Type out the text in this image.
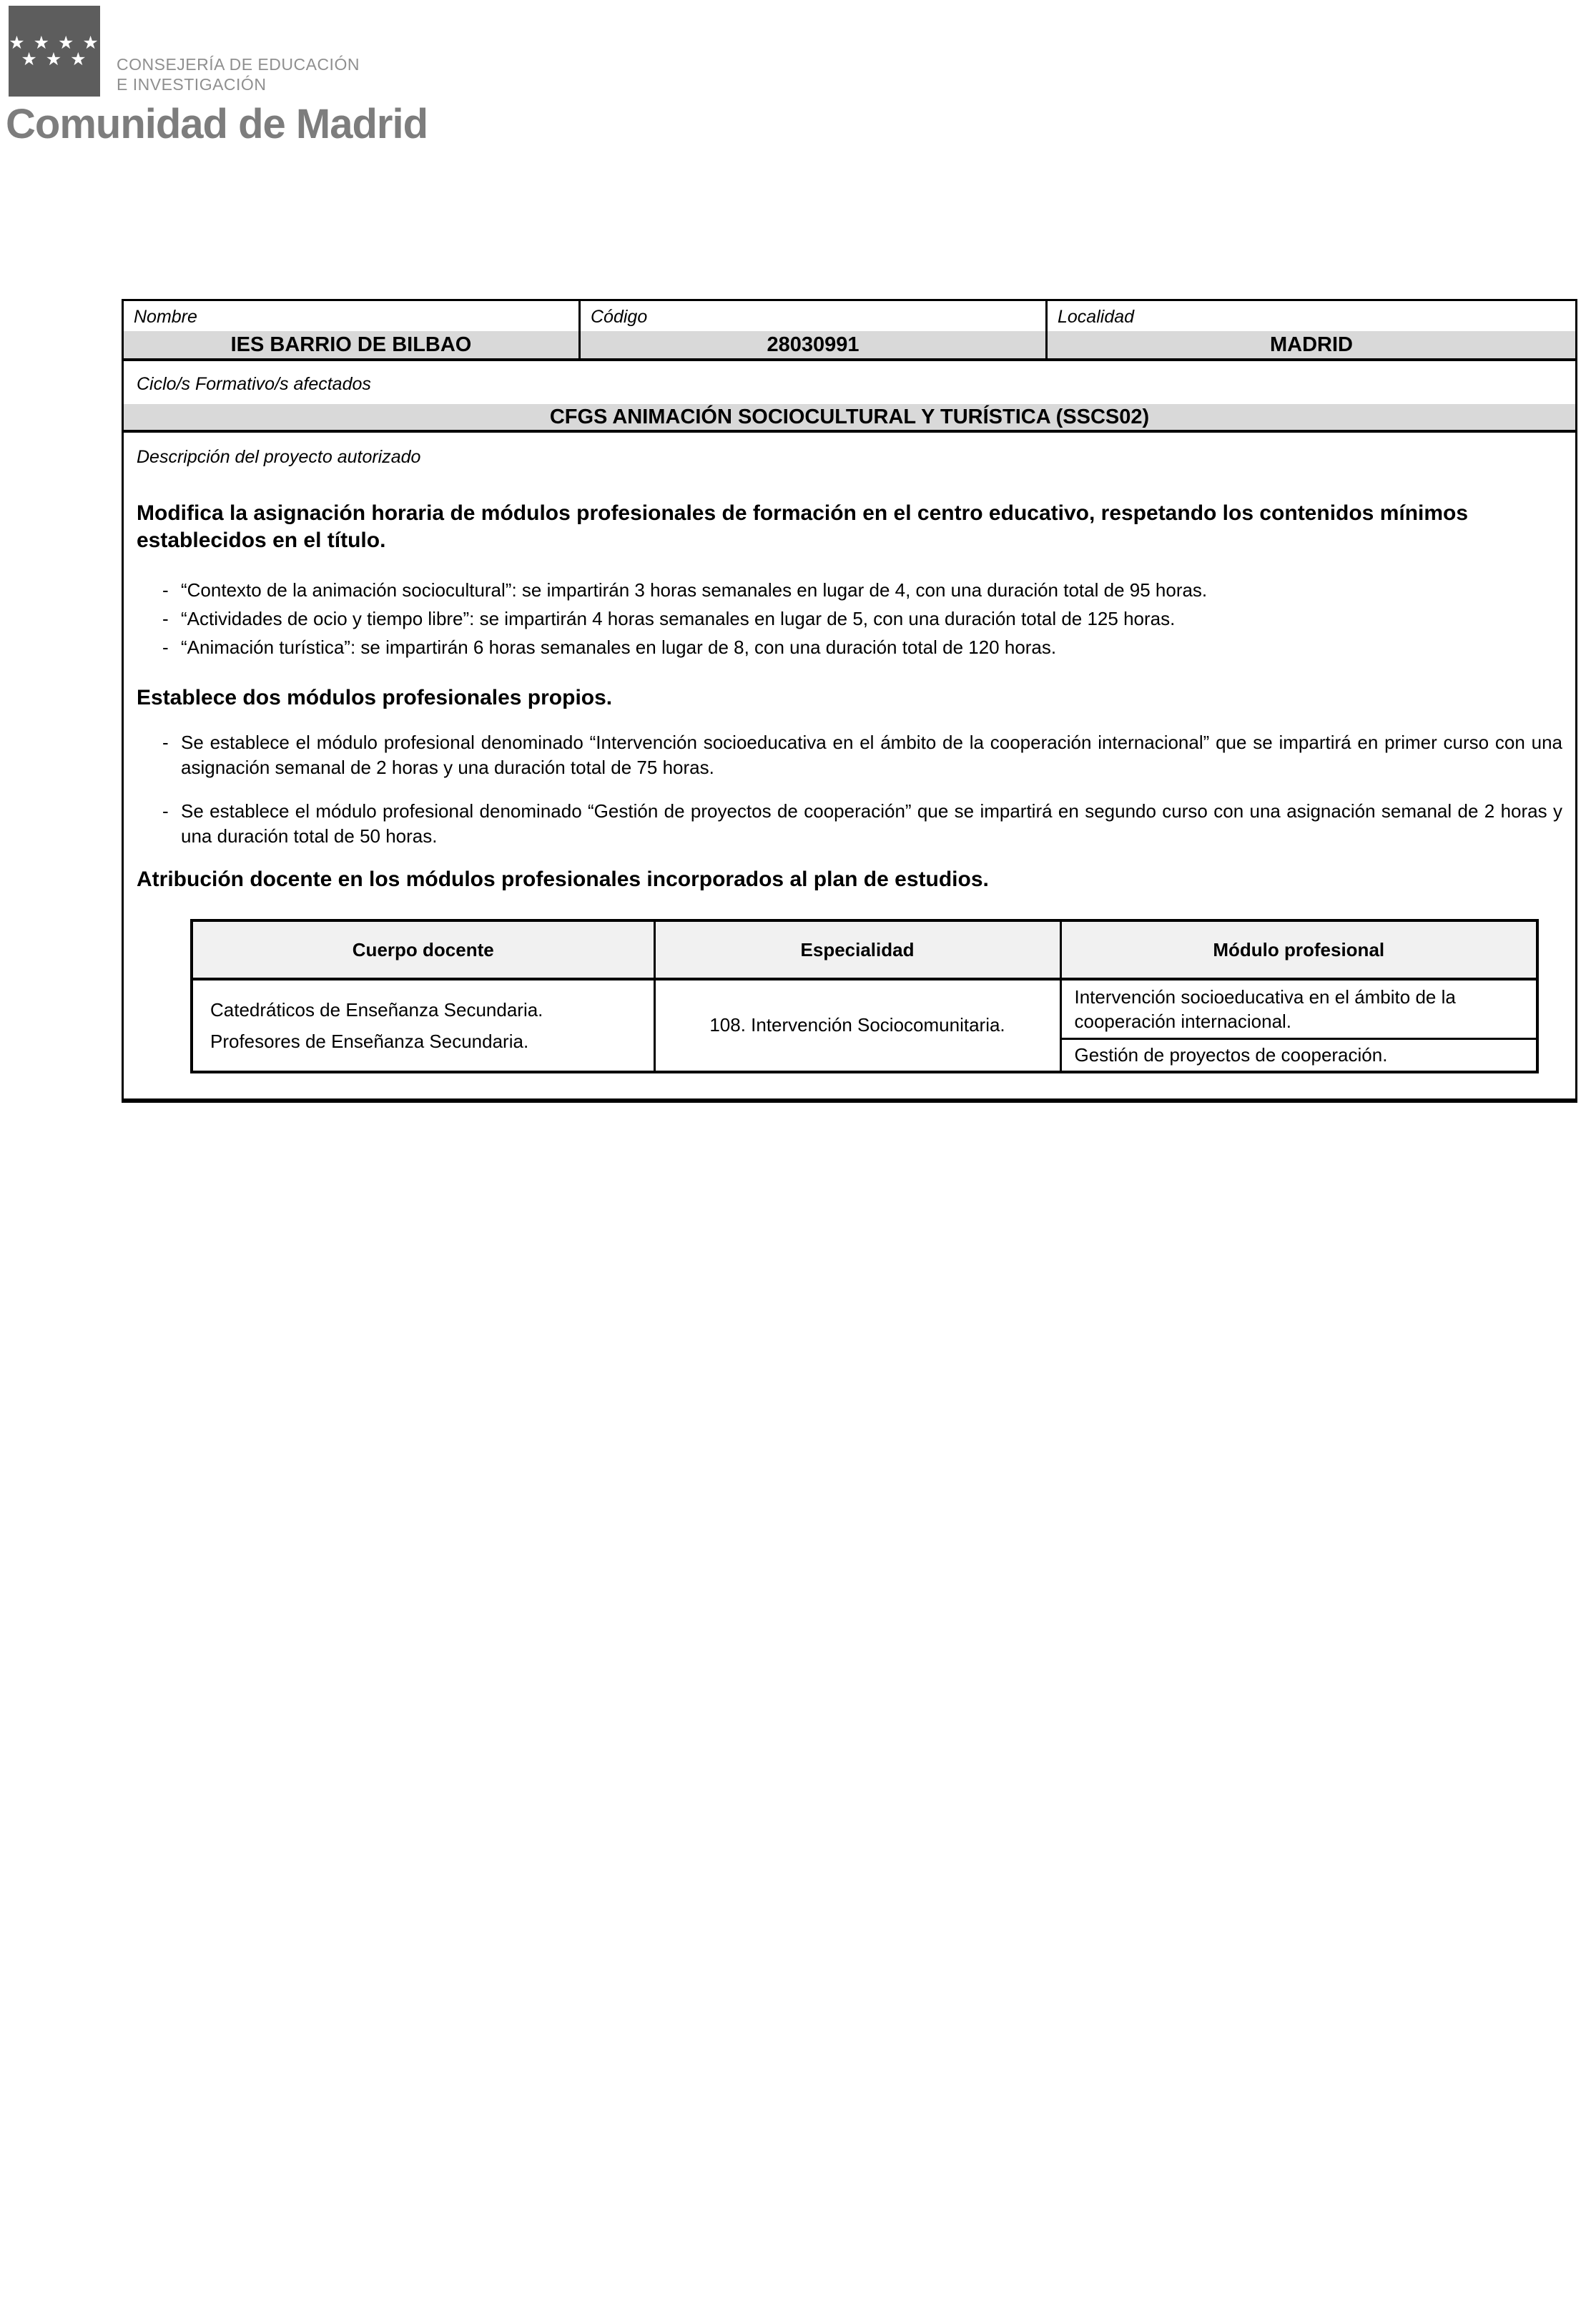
★ ★ ★ ★
★ ★ ★ CONSEJERÍA DE EDUCACIÓN
E INVESTIGACIÓN
Comunidad de Madrid
Nombre
IES BARRIO DE BILBAO
Código
28030991
Localidad
MADRID
Ciclo/s Formativo/s afectados
CFGS ANIMACIÓN SOCIOCULTURAL Y TURÍSTICA (SSCS02)
Descripción del proyecto autorizado

Modifica la asignación horaria de módulos profesionales de formación en el centro educativo, respetando los contenidos mínimos establecidos en el título.

- “Contexto de la animación sociocultural”: se impartirán 3 horas semanales en lugar de 4, con una duración total de 95 horas.
- “Actividades de ocio y tiempo libre”: se impartirán 4 horas semanales en lugar de 5, con una duración total de 125 horas.
- “Animación turística”: se impartirán 6 horas semanales en lugar de 8, con una duración total de 120 horas.
Establece dos módulos profesionales propios.
- Se establece el módulo profesional denominado “Intervención socioeducativa en el ámbito de la cooperación internacional” que se impartirá en primer curso con una asignación semanal de 2 horas y una duración total de 75 horas.
- Se establece el módulo profesional denominado “Gestión de proyectos de cooperación” que se impartirá en segundo curso con una asignación semanal de 2 horas y una duración total de 50 horas.
Atribución docente en los módulos profesionales incorporados al plan de estudios.
Cuerpo docente	Especialidad	Módulo profesional

Catedráticos de Enseñanza Secundaria.
Profesores de Enseñanza Secundaria.	108. Intervención Sociocomunitaria.	Intervención socioeducativa en el ámbito de la cooperación internacional.
		Gestión de proyectos de cooperación.
